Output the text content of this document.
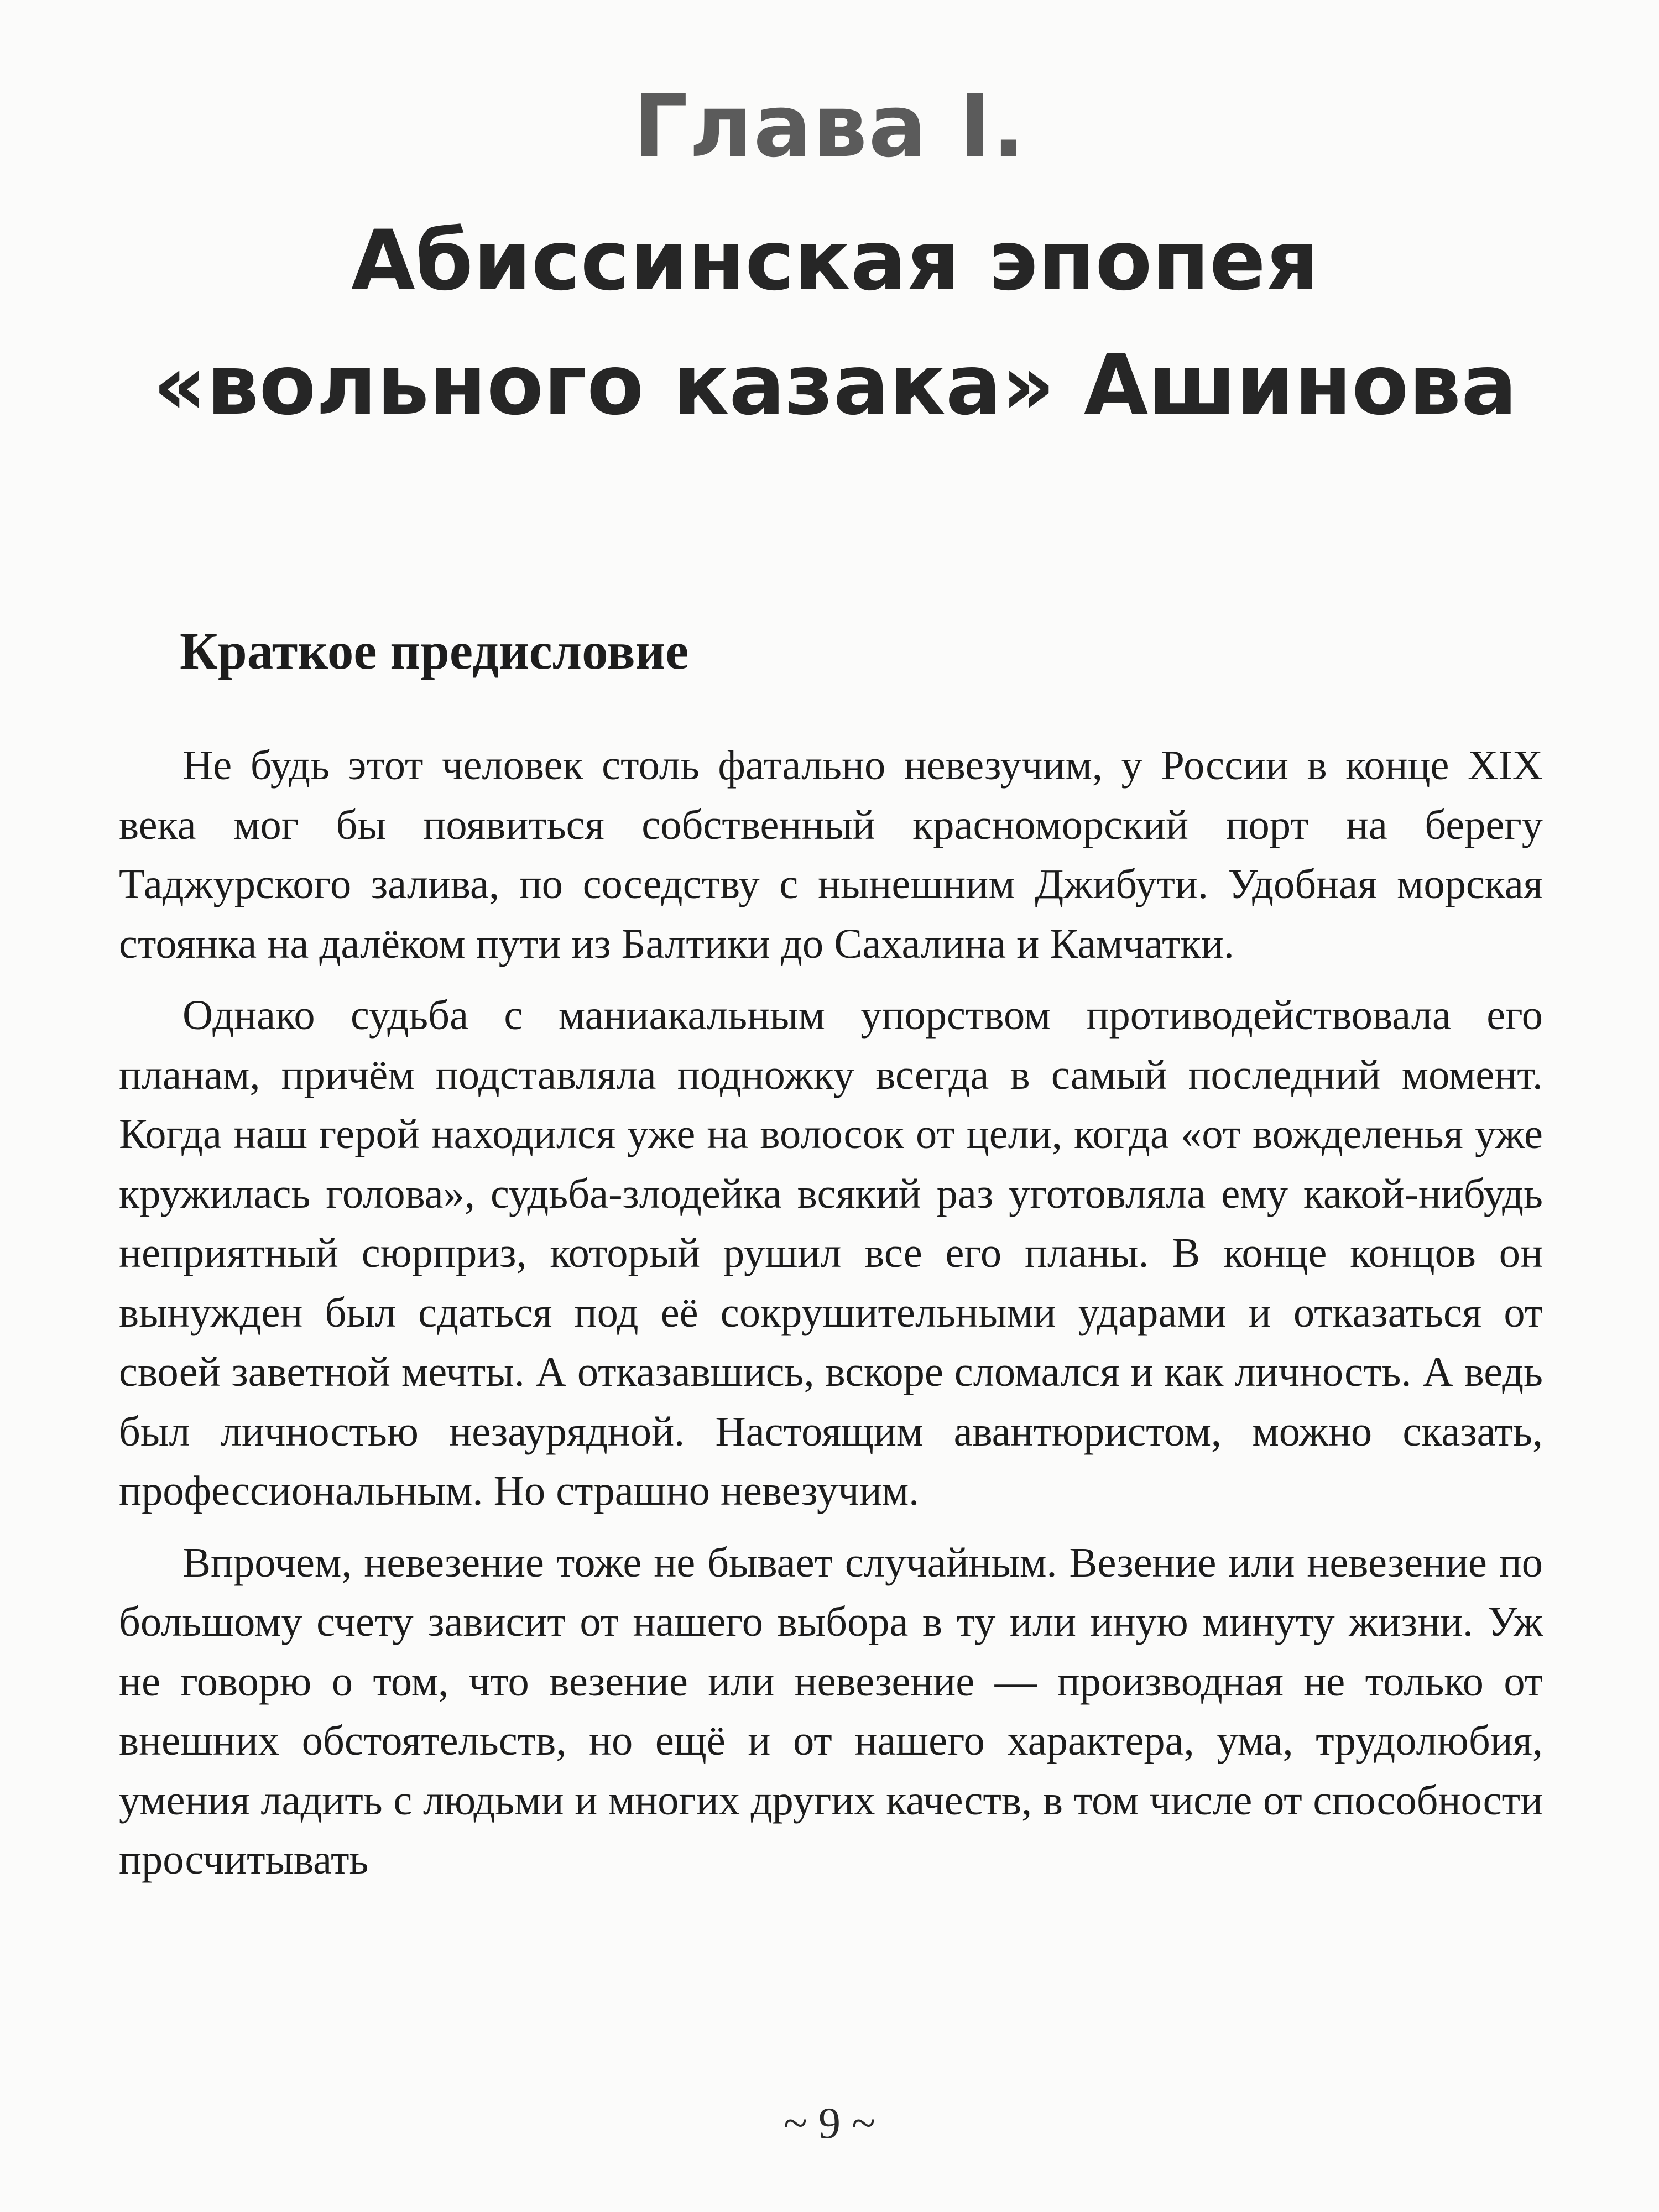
Глава I.
Абиссинская эпопея «вольного казака» Ашинова
Краткое предисловие

Не будь этот человек столь фатально невезучим, у России в конце XIX века мог бы появиться собственный красноморский порт на берегу Таджурского залива, по соседству с нынешним Джибути. Удобная морская стоянка на далёком пути из Балтики до Сахалина и Камчатки.

Однако судьба с маниакальным упорством противодействовала его планам, причём подставляла подножку всегда в самый последний момент. Когда наш герой находился уже на волосок от цели, когда «от вожделенья уже кружилась голова», судьба-злодейка всякий раз уготовляла ему какой-нибудь неприятный сюрприз, который рушил все его планы. В конце концов он вынужден был сдаться под её сокрушительными ударами и отказаться от своей заветной мечты. А отказавшись, вскоре сломался и как личность. А ведь был личностью незаурядной. Настоящим авантюристом, можно сказать, профессиональным. Но страшно невезучим.

Впрочем, невезение тоже не бывает случайным. Везение или невезение по большому счету зависит от нашего выбора в ту или иную минуту жизни. Уж не говорю о том, что везение или невезение — производная не только от внешних обстоятельств, но ещё и от нашего характера, ума, трудолюбия, умения ладить с людьми и многих других качеств, в том числе от способности просчитывать

~ 9 ~
